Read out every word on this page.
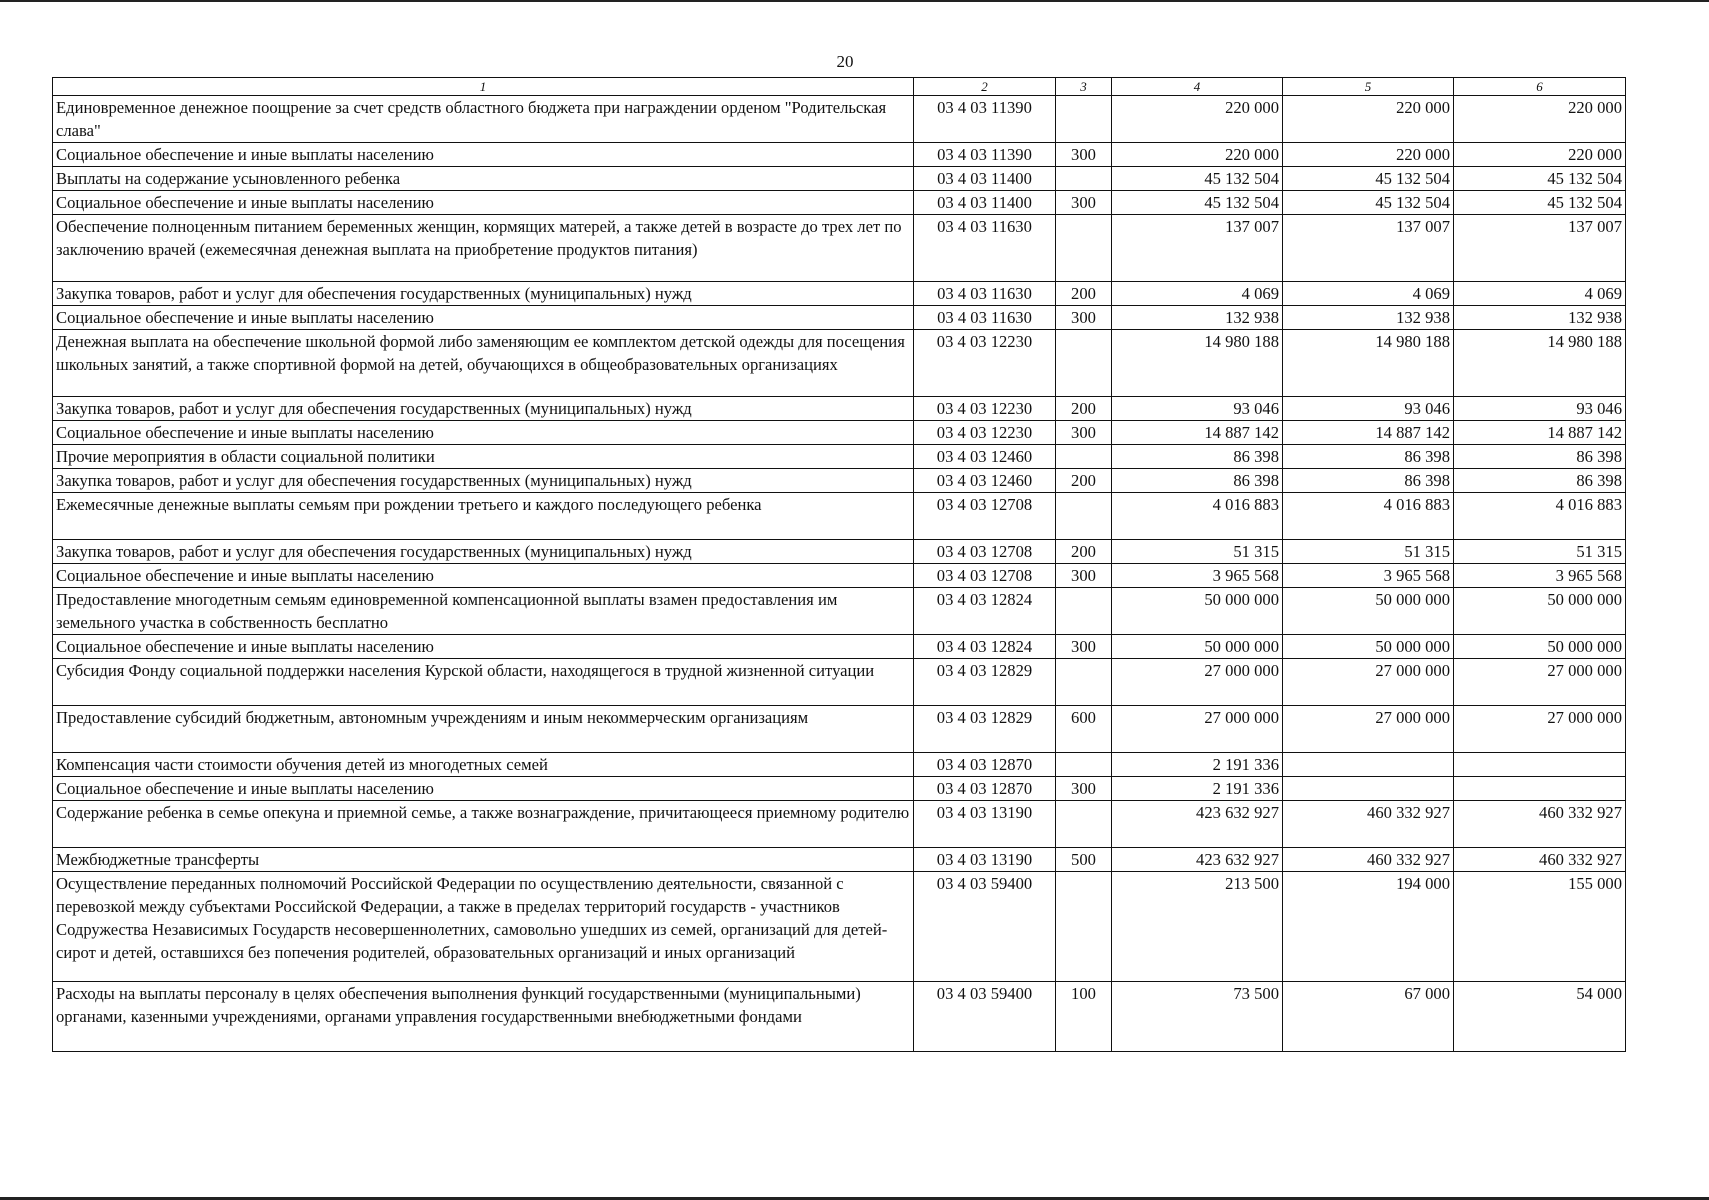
20
1	2	3	4	5	6
Единовременное денежное поощрение за счет средств областного бюджета при награждении орденом "Родительская слава"	03 4 03 11390		220 000	220 000	220 000
Социальное обеспечение и иные выплаты населению	03 4 03 11390	300	220 000	220 000	220 000
Выплаты на содержание усыновленного ребенка	03 4 03 11400		45 132 504	45 132 504	45 132 504
Социальное обеспечение и иные выплаты населению	03 4 03 11400	300	45 132 504	45 132 504	45 132 504
Обеспечение полноценным питанием беременных женщин, кормящих матерей, а также детей в возрасте до трех лет по заключению врачей (ежемесячная денежная выплата на приобретение продуктов питания)	03 4 03 11630		137 007	137 007	137 007
Закупка товаров, работ и услуг для обеспечения государственных (муниципальных) нужд	03 4 03 11630	200	4 069	4 069	4 069
Социальное обеспечение и иные выплаты населению	03 4 03 11630	300	132 938	132 938	132 938
Денежная выплата на обеспечение школьной формой либо заменяющим ее комплектом детской одежды для посещения школьных занятий, а также спортивной формой на детей, обучающихся в общеобразовательных организациях	03 4 03 12230		14 980 188	14 980 188	14 980 188
Закупка товаров, работ и услуг для обеспечения государственных (муниципальных) нужд	03 4 03 12230	200	93 046	93 046	93 046
Социальное обеспечение и иные выплаты населению	03 4 03 12230	300	14 887 142	14 887 142	14 887 142
Прочие мероприятия в области социальной политики	03 4 03 12460		86 398	86 398	86 398
Закупка товаров, работ и услуг для обеспечения государственных (муниципальных) нужд	03 4 03 12460	200	86 398	86 398	86 398
Ежемесячные денежные выплаты семьям при рождении третьего и каждого последующего ребенка	03 4 03 12708		4 016 883	4 016 883	4 016 883
Закупка товаров, работ и услуг для обеспечения государственных (муниципальных) нужд	03 4 03 12708	200	51 315	51 315	51 315
Социальное обеспечение и иные выплаты населению	03 4 03 12708	300	3 965 568	3 965 568	3 965 568
Предоставление многодетным семьям единовременной компенсационной выплаты взамен предоставления им земельного участка в собственность бесплатно	03 4 03 12824		50 000 000	50 000 000	50 000 000
Социальное обеспечение и иные выплаты населению	03 4 03 12824	300	50 000 000	50 000 000	50 000 000
Субсидия Фонду социальной поддержки населения Курской области, находящегося в трудной жизненной ситуации	03 4 03 12829		27 000 000	27 000 000	27 000 000
Предоставление субсидий бюджетным, автономным учреждениям и иным некоммерческим организациям	03 4 03 12829	600	27 000 000	27 000 000	27 000 000
Компенсация части стоимости обучения детей из многодетных семей	03 4 03 12870		2 191 336		
Социальное обеспечение и иные выплаты населению	03 4 03 12870	300	2 191 336		
Содержание ребенка в семье опекуна и приемной семье, а также вознаграждение, причитающееся приемному родителю	03 4 03 13190		423 632 927	460 332 927	460 332 927
Межбюджетные трансферты	03 4 03 13190	500	423 632 927	460 332 927	460 332 927
Осуществление переданных полномочий Российской Федерации по осуществлению деятельности, связанной с перевозкой между субъектами Российской Федерации, а также в пределах территорий государств - участников Содружества Независимых Государств несовершеннолетних, самовольно ушедших из семей, организаций для детей-сирот и детей, оставшихся без попечения родителей, образовательных организаций и иных организаций	03 4 03 59400		213 500	194 000	155 000
Расходы на выплаты персоналу в целях обеспечения выполнения функций государственными (муниципальными) органами, казенными учреждениями, органами управления государственными внебюджетными фондами	03 4 03 59400	100	73 500	67 000	54 000
